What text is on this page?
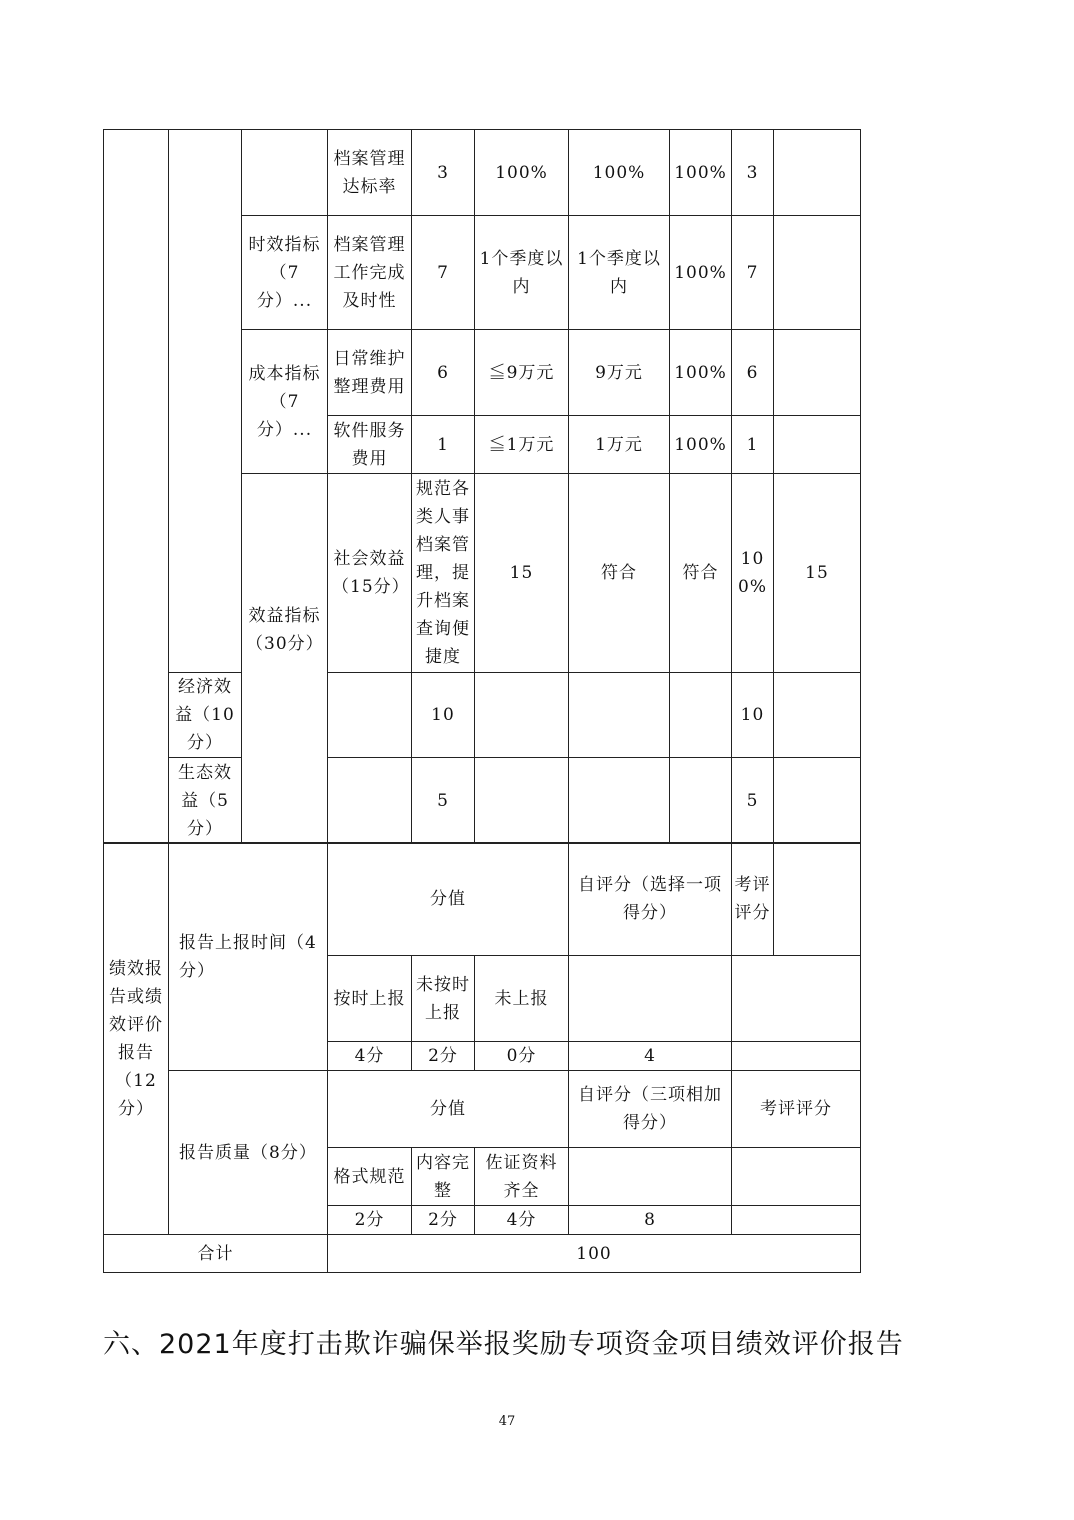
			档案管理达标率	3	100%	100%	100%	3		
		时效指标（7分）...	档案管理工作完成及时性	7	1个季度以内	1个季度以内	100%	7		
		成本指标（7分）...	日常维护整理费用	6	≦9万元	9万元	100%	6		
			软件服务费用	1	≦1万元	1万元	100%	1		
		效益指标（30分）	社会效益（15分）	规范各类人事档案管理，提升档案查询便捷度	15	符合	符合	100%	15	
	经济效益（10分）			10				10		
	生态效益（5分）			5				5		
绩效报告或绩效评价报告（12分）	报告上报时间（4分）	分值			自评分（选择一项得分）	考评评分	
		按时上报	未按时上报	未上报			
		4分	2分	0分	4		
	报告质量（8分）	分值			自评分（三项相加得分）	考评评分	
		格式规范	内容完整	佐证资料齐全			
		2分	2分	4分	8		
合计		100					
六、2021年度打击欺诈骗保举报奖励专项资金项目绩效评价报告
47
